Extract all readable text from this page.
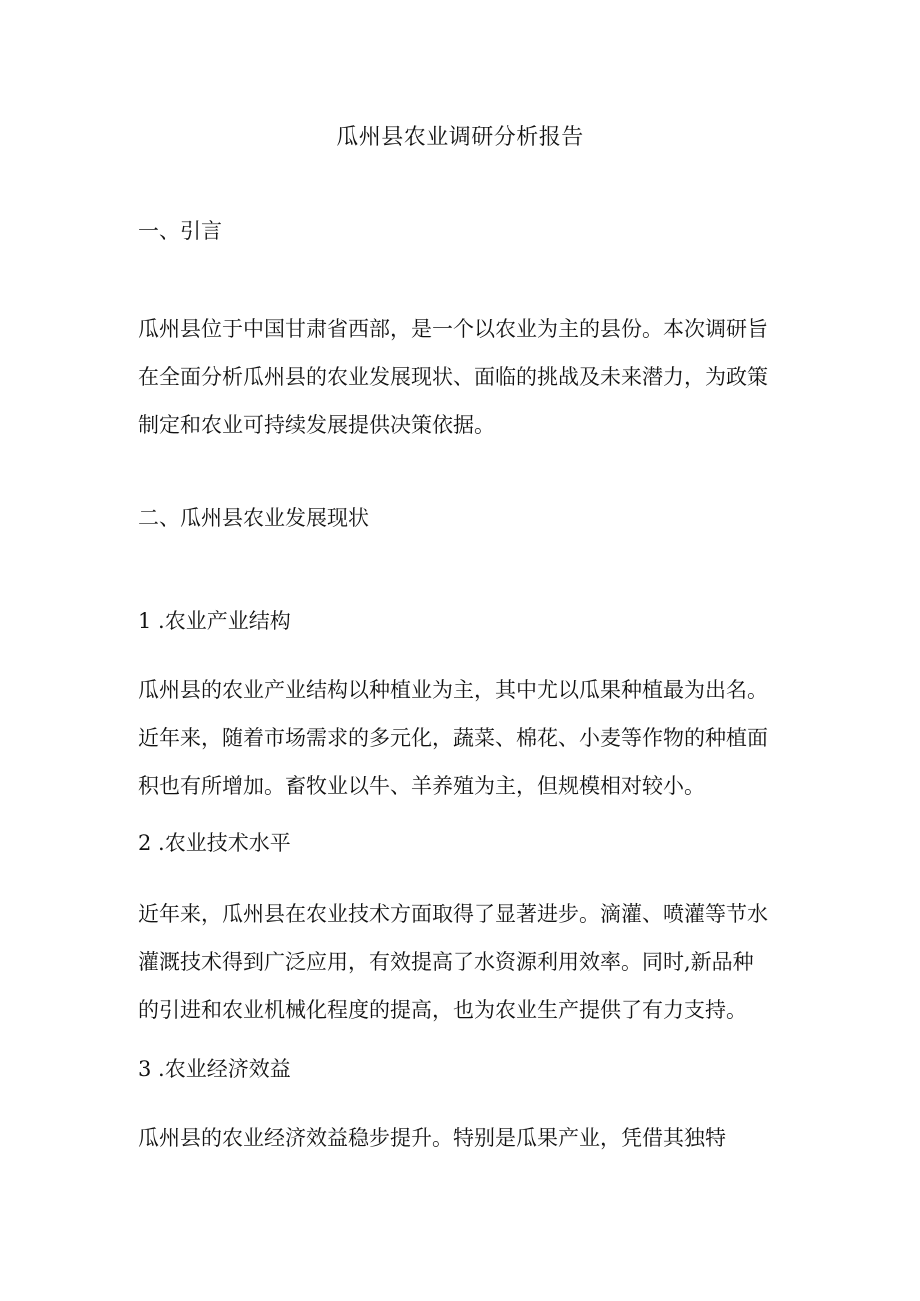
瓜州县农业调研分析报告
一、引言
瓜州县位于中国甘肃省西部，是一个以农业为主的县份。本次调研旨
在全面分析瓜州县的农业发展现状、面临的挑战及未来潜力，为政策
制定和农业可持续发展提供决策依据。
二、瓜州县农业发展现状
1 .农业产业结构
瓜州县的农业产业结构以种植业为主，其中尤以瓜果种植最为出名。
近年来，随着市场需求的多元化，蔬菜、棉花、小麦等作物的种植面
积也有所增加。畜牧业以牛、羊养殖为主，但规模相对较小。
2 .农业技术水平
近年来，瓜州县在农业技术方面取得了显著进步。滴灌、喷灌等节水
灌溉技术得到广泛应用，有效提高了水资源利用效率。同时,新品种
的引进和农业机械化程度的提高，也为农业生产提供了有力支持。
3 .农业经济效益
瓜州县的农业经济效益稳步提升。特别是瓜果产业，凭借其独特
